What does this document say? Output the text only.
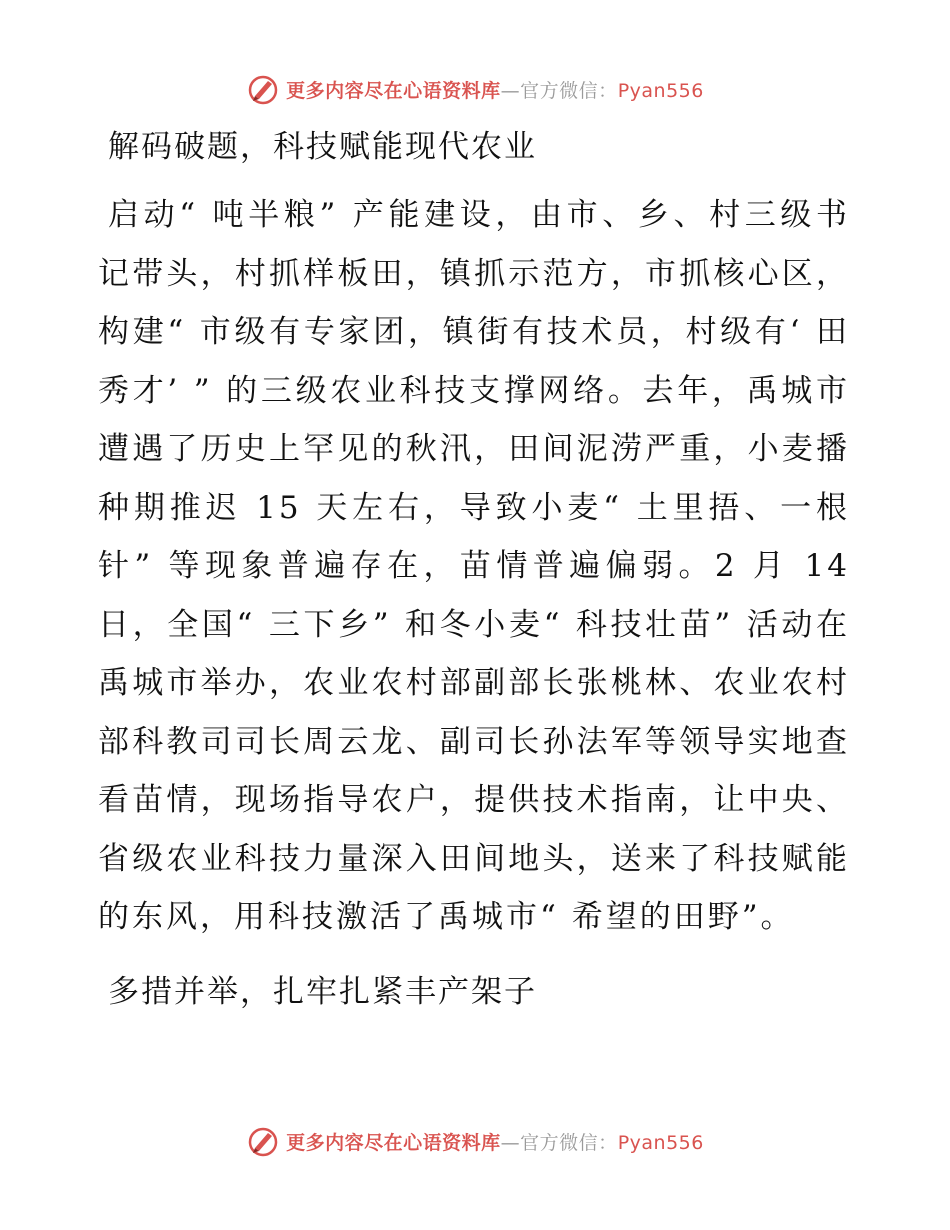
更多内容尽在心语资料库—官方微信：Pyan556
解码破题，科技赋能现代农业

启动“ 吨半粮” 产能建设，由市、乡、村三级书记带头，村抓样板田，镇抓示范方，市抓核心区，构建“ 市级有专家团，镇街有技术员，村级有‘ 田秀才’ ” 的三级农业科技支撑网络。去年，禹城市遭遇了历史上罕见的秋汛，田间泥涝严重，小麦播种期推迟 15 天左右，导致小麦“ 土里捂、一根针” 等现象普遍存在，苗情普遍偏弱。2 月 14 日，全国“ 三下乡” 和冬小麦“ 科技壮苗” 活动在禹城市举办，农业农村部副部长张桃林、农业农村部科教司司长周云龙、副司长孙法军等领导实地查看苗情，现场指导农户，提供技术指南，让中央、省级农业科技力量深入田间地头，送来了科技赋能的东风，用科技激活了禹城市“ 希望的田野”。

多措并举，扎牢扎紧丰产架子
更多内容尽在心语资料库—官方微信：Pyan556
